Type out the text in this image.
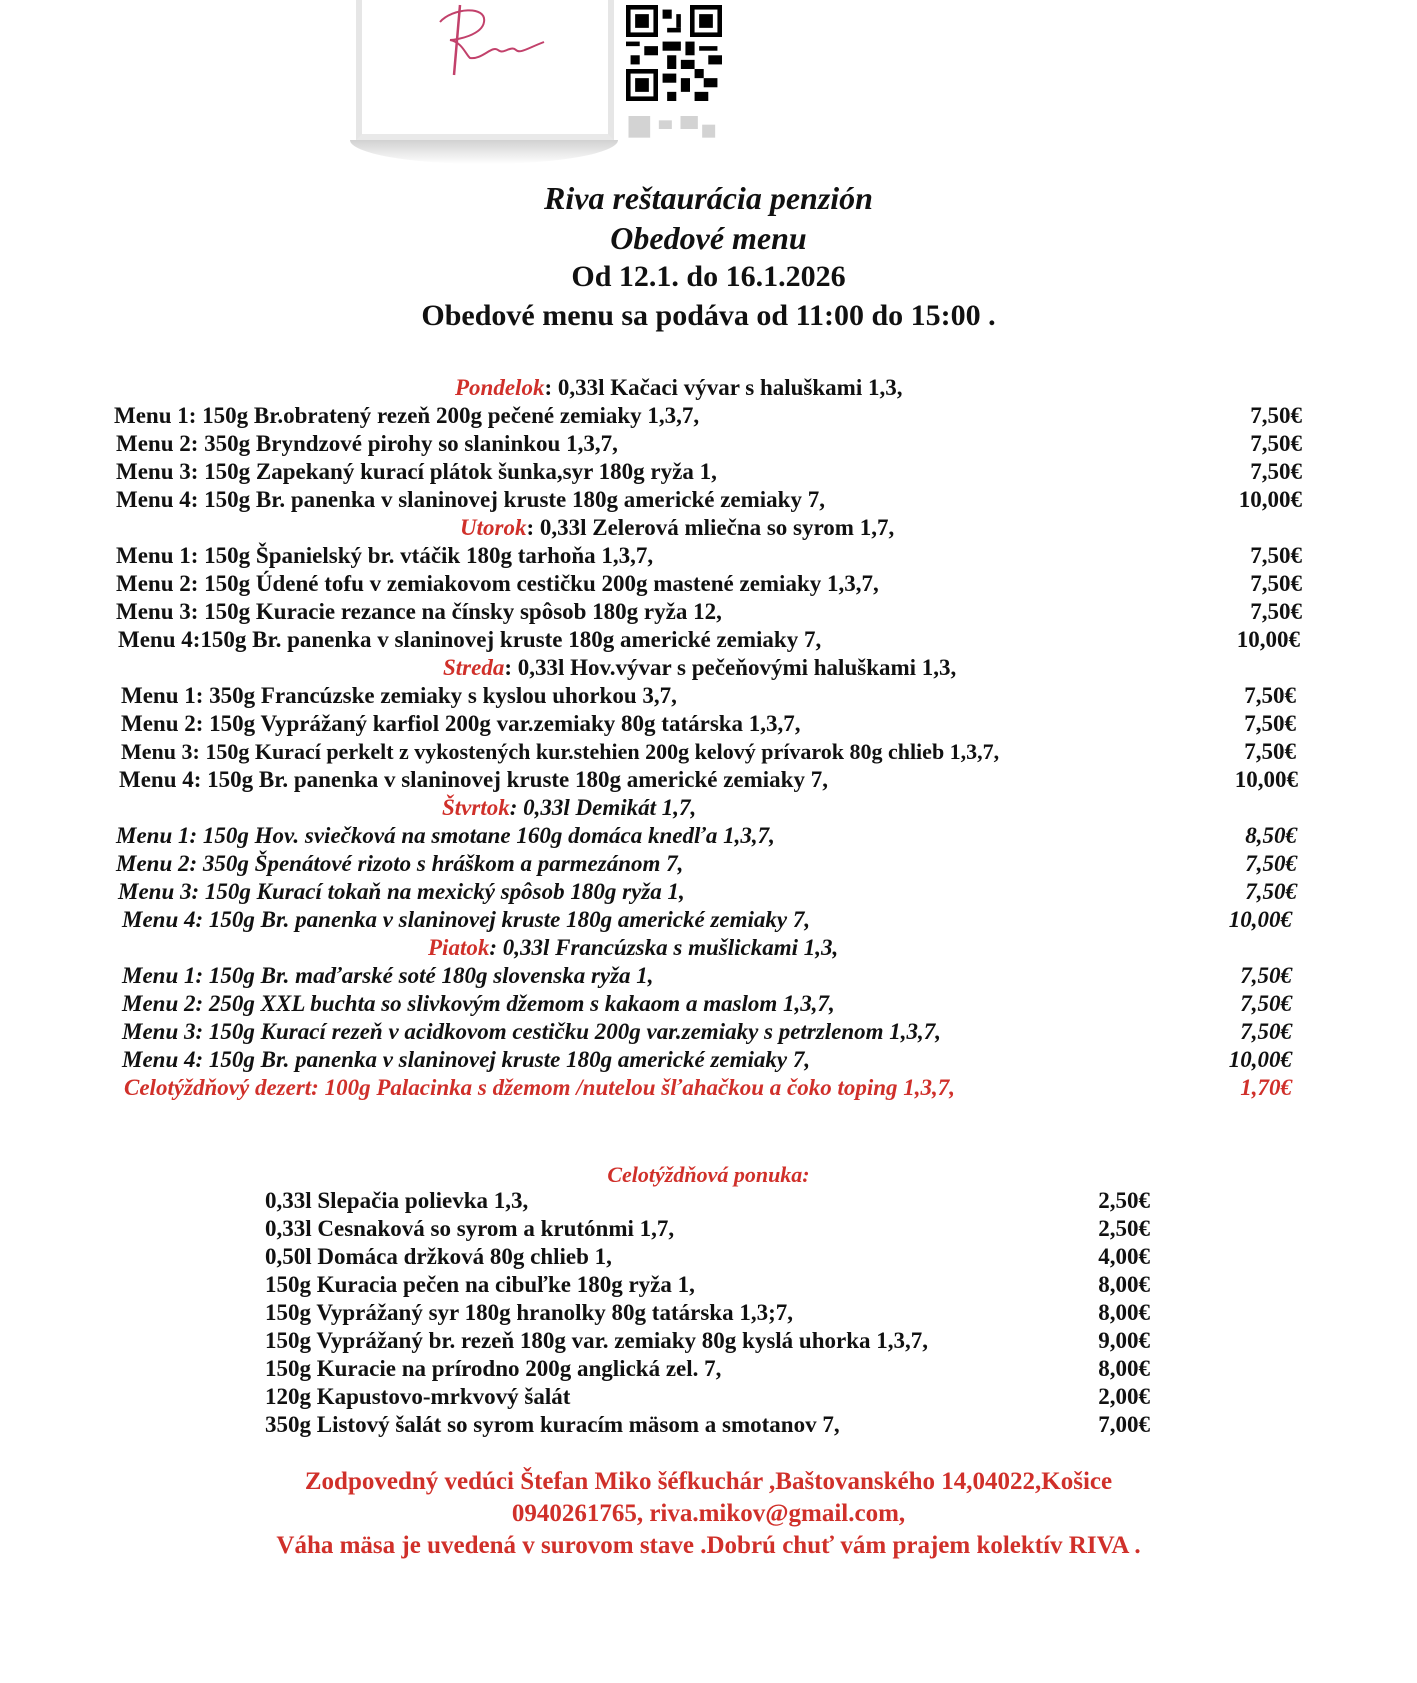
Riva reštaurácia penzión
Obedové menu
Od 12.1. do 16.1.2026
Obedové menu sa podáva od 11:00 do 15:00 .
Pondelok: 0,33l Kačaci vývar s haluškami 1,3,
Menu 1: 150g Br.obratený rezeň 200g pečené zemiaky 1,3,7,	7,50€
Menu 2: 350g Bryndzové pirohy so slaninkou 1,3,7,	7,50€
Menu 3: 150g Zapekaný kurací plátok šunka,syr 180g ryža 1,	7,50€
Menu 4: 150g Br. panenka v slaninovej kruste 180g americké zemiaky 7,	10,00€
Utorok: 0,33l Zelerová mliečna so syrom 1,7,
Menu 1: 150g Španielský br. vtáčik 180g tarhoňa 1,3,7,	7,50€
Menu 2: 150g Údené tofu v zemiakovom cestičku 200g mastené zemiaky 1,3,7,	7,50€
Menu 3: 150g Kuracie rezance na čínsky spôsob 180g ryža 12,	7,50€
Menu 4:150g Br. panenka v slaninovej kruste 180g americké zemiaky 7,	10,00€
Streda: 0,33l Hov.vývar s pečeňovými haluškami 1,3,
Menu 1: 350g Francúzske zemiaky s kyslou uhorkou 3,7,	7,50€
Menu 2: 150g Vyprážaný karfiol 200g var.zemiaky 80g tatárska 1,3,7,	7,50€
Menu 3: 150g Kurací perkelt z vykostených kur.stehien 200g kelový prívarok 80g chlieb 1,3,7,	7,50€
Menu 4: 150g Br. panenka v slaninovej kruste 180g americké zemiaky 7,	10,00€
Štvrtok: 0,33l Demikát 1,7,
Menu 1: 150g Hov. sviečková na smotane 160g domáca knedľa 1,3,7,	8,50€
Menu 2: 350g Špenátové rizoto s hráškom a parmezánom 7,	7,50€
Menu 3: 150g Kurací tokaň na mexický spôsob 180g ryža 1,	7,50€
Menu 4: 150g Br. panenka v slaninovej kruste 180g americké zemiaky 7,	10,00€
Piatok: 0,33l Francúzska s mušlickami 1,3,
Menu 1: 150g Br. maďarské soté 180g slovenska ryža 1,	7,50€
Menu 2: 250g XXL buchta so slivkovým džemom s kakaom a maslom 1,3,7,	7,50€
Menu 3: 150g Kurací rezeň v acidkovom cestičku 200g var.zemiaky s petrzlenom 1,3,7,	7,50€
Menu 4: 150g Br. panenka v slaninovej kruste 180g americké zemiaky 7,	10,00€
Celotýždňový dezert: 100g Palacinka s džemom /nutelou šľahačkou a čoko toping 1,3,7,	1,70€
Celotýždňová ponuka:
0,33l Slepačia polievka 1,3,	2,50€
0,33l Cesnaková so syrom a krutónmi 1,7,	2,50€
0,50l Domáca držková 80g chlieb 1,	4,00€
150g Kuracia pečen na cibuľke 180g ryža 1,	8,00€
150g Vyprážaný syr 180g hranolky 80g tatárska 1,3;7,	8,00€
150g Vyprážaný br. rezeň 180g var. zemiaky 80g kyslá uhorka 1,3,7,	9,00€
150g Kuracie na prírodno 200g anglická zel. 7,	8,00€
120g Kapustovo-mrkvový šalát	2,00€
350g Listový šalát so syrom kuracím mäsom a smotanov 7,	7,00€
Zodpovedný vedúci Štefan Miko šéfkuchár ,Baštovanského 14,04022,Košice
0940261765, riva.mikov@gmail.com,
Váha mäsa je uvedená v surovom stave .Dobrú chuť vám prajem kolektív RIVA .
